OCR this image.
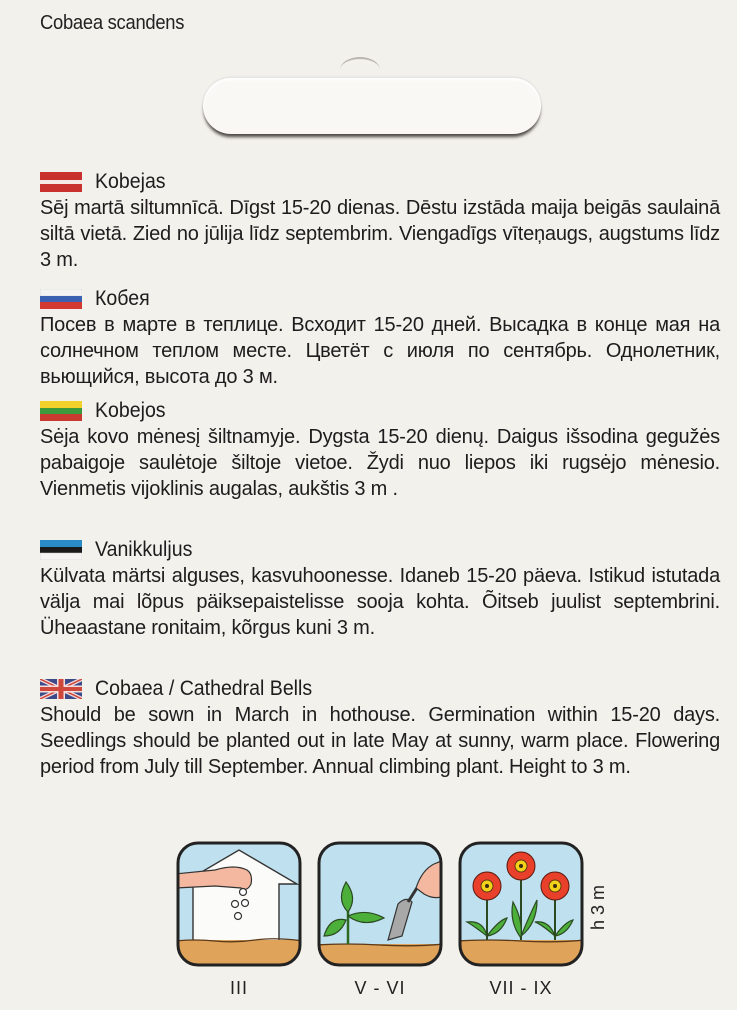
Cobaea scandens
Kobejas
Sēj martā siltumnīcā. Dīgst 15-20 dienas. Dēstu izstāda maija beigās saulainā siltā vietā. Zied no jūlija līdz septembrim. Viengadīgs vīteņaugs, augstums līdz 3 m.
Кобея
Посев в марте в теплице. Всходит 15-20 дней. Высадка в конце мая на солнечном теплом месте. Цветёт с июля по сентябрь. Однолетник, вьющийся, высота до 3 м.
Kobejos
Sėja kovo mėnesį šiltnamyje. Dygsta 15-20 dienų. Daigus išsodina gegužės pabaigoje saulėtoje šiltoje vietoe. Žydi nuo liepos iki rugsėjo mėnesio. Vienmetis vijoklinis augalas, aukštis 3 m .
Vanikkuljus
Külvata märtsi alguses, kasvuhoonesse. Idaneb 15-20 päeva. Istikud istutada välja mai lõpus päiksepaistelisse sooja kohta. Õitseb juulist septembrini. Üheaastane ronitaim, kõrgus kuni 3 m.
Cobaea / Cathedral Bells
Should be sown in March in hothouse. Germination within 15-20 days. Seedlings should be planted out in late May at sunny, warm place. Flowering period from July till September. Annual climbing plant. Height to 3 m.
III	V - VI	VII - IX
h 3 m
